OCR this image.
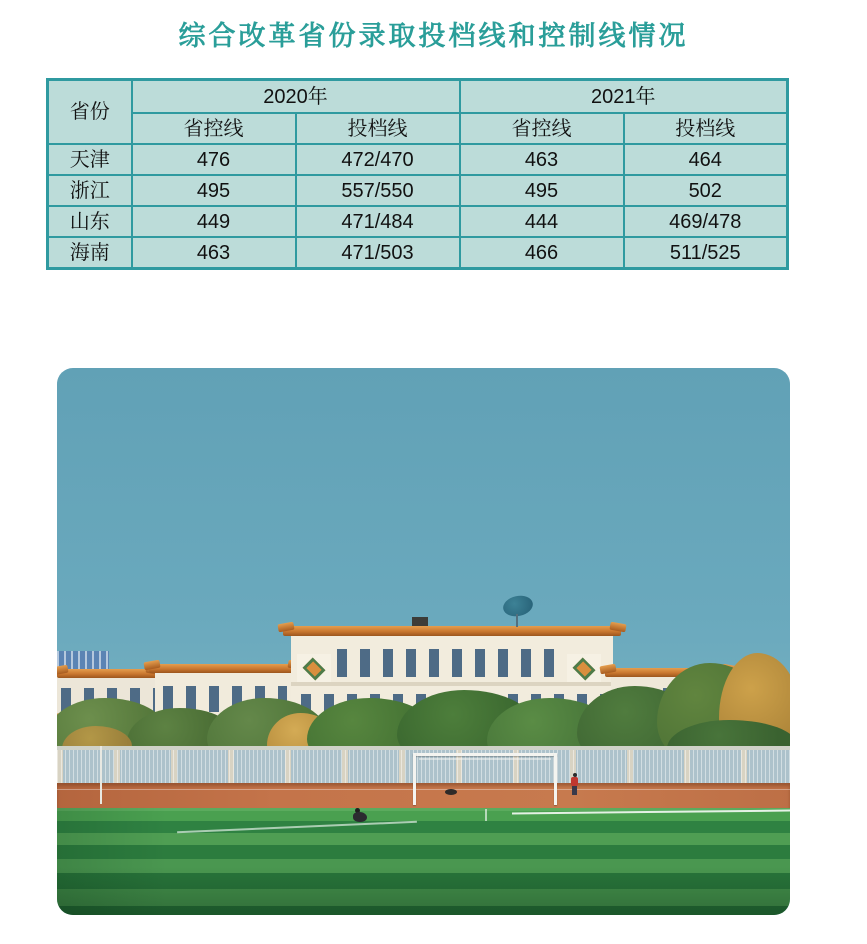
综合改革省份录取投档线和控制线情况
省份	2020年		2021年	
	省控线	投档线	省控线	投档线
天津	476	472/470	463	464
浙江	495	557/550	495	502
山东	449	471/484	444	469/478
海南	463	471/503	466	511/525
